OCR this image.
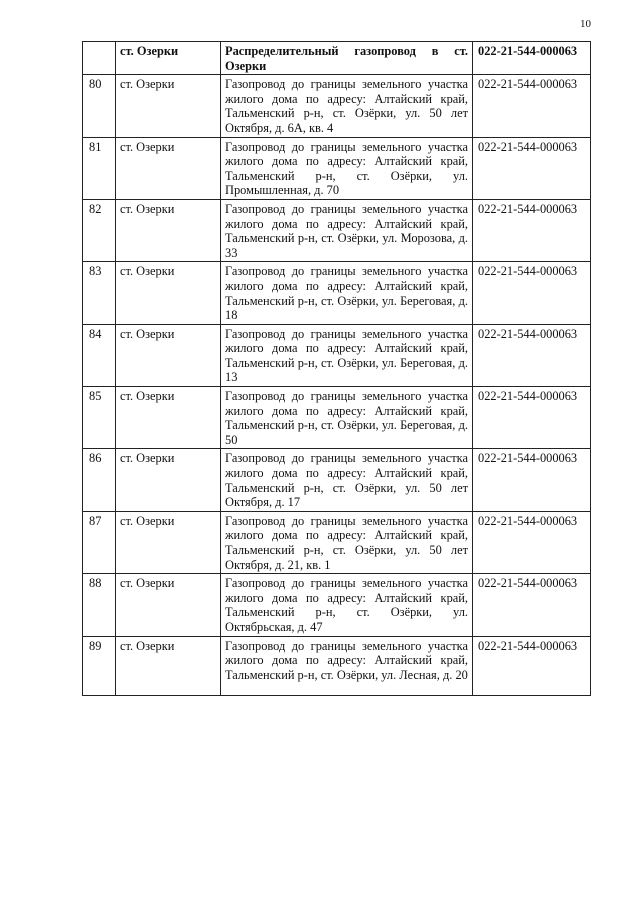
10
	ст. Озерки	Распределительный газопровод в ст. Озерки	022-21-544-000063
80	ст. Озерки	Газопровод до границы земельного участка жилого дома по адресу: Алтайский край, Тальменский р-н, ст. Озёрки, ул. 50 лет Октября, д. 6А, кв. 4	022-21-544-000063
81	ст. Озерки	Газопровод до границы земельного участка жилого дома по адресу: Алтайский край, Тальменский р-н, ст. Озёрки, ул. Промышленная, д. 70	022-21-544-000063
82	ст. Озерки	Газопровод до границы земельного участка жилого дома по адресу: Алтайский край, Тальменский р-н, ст. Озёрки, ул. Морозова, д. 33	022-21-544-000063
83	ст. Озерки	Газопровод до границы земельного участка жилого дома по адресу: Алтайский край, Тальменский р-н, ст. Озёрки, ул. Береговая, д. 18	022-21-544-000063
84	ст. Озерки	Газопровод до границы земельного участка жилого дома по адресу: Алтайский край, Тальменский р-н, ст. Озёрки, ул. Береговая, д. 13	022-21-544-000063
85	ст. Озерки	Газопровод до границы земельного участка жилого дома по адресу: Алтайский край, Тальменский р-н, ст. Озёрки, ул. Береговая, д. 50	022-21-544-000063
86	ст. Озерки	Газопровод до границы земельного участка жилого дома по адресу: Алтайский край, Тальменский р-н, ст. Озёрки, ул. 50 лет Октября, д. 17	022-21-544-000063
87	ст. Озерки	Газопровод до границы земельного участка жилого дома по адресу: Алтайский край, Тальменский р-н, ст. Озёрки, ул. 50 лет Октября, д. 21, кв. 1	022-21-544-000063
88	ст. Озерки	Газопровод до границы земельного участка жилого дома по адресу: Алтайский край, Тальменский р-н, ст. Озёрки, ул. Октябрьская, д. 47	022-21-544-000063
89	ст. Озерки	Газопровод до границы земельного участка жилого дома по адресу: Алтайский край, Тальменский р-н, ст. Озёрки, ул. Лесная, д. 20	022-21-544-000063
